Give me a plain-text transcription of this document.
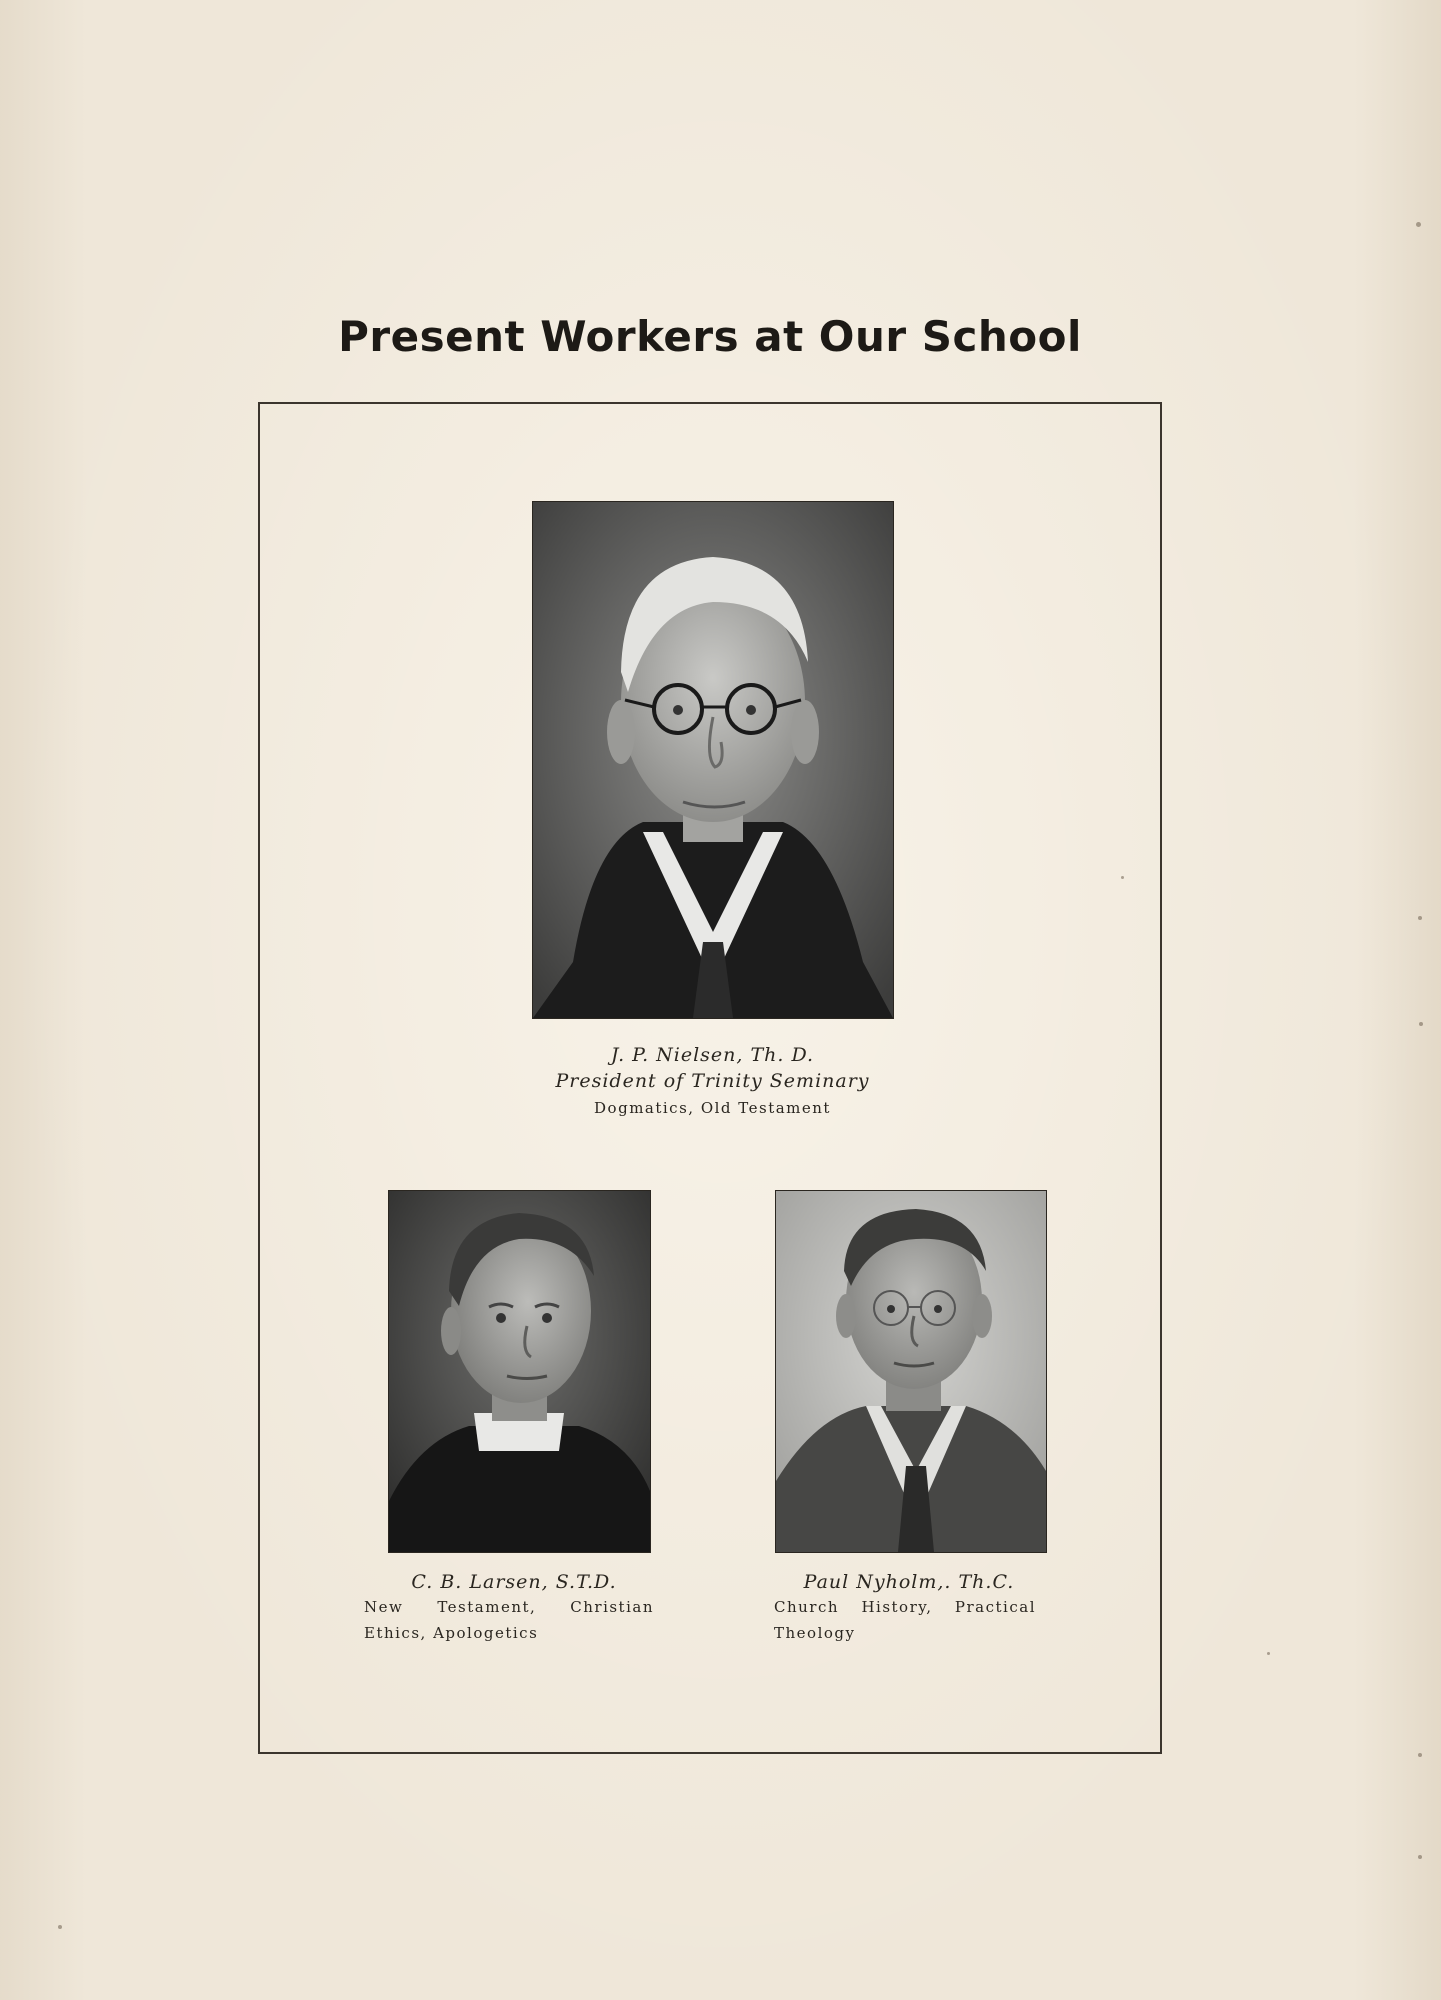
Present Workers at Our School
J. P. Nielsen, Th. D.
President of Trinity Seminary
Dogmatics, Old Testament
C. B. Larsen, S.T.D.
New Testament, Christian Ethics, Apologetics
Paul Nyholm,. Th.C.
Church History, Practical Theology
